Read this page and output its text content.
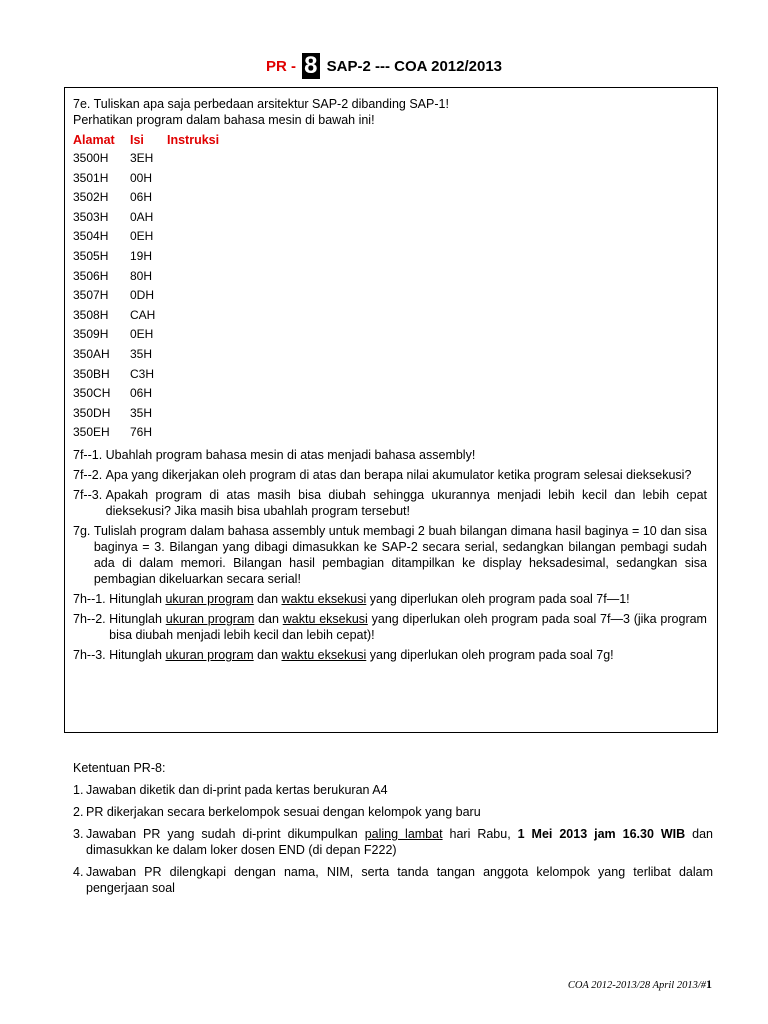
PR - 8 SAP-2 --- COA 2012/2013

7e. Tuliskan apa saja perbedaan arsitektur SAP-2 dibanding SAP-1!

Perhatikan program dalam bahasa mesin di bawah ini!

Alamat	Isi	Instruksi
3500H	3EH
3501H	00H
3502H	06H
3503H	0AH
3504H	0EH
3505H	19H
3506H	80H
3507H	0DH
3508H	CAH
3509H	0EH
350AH	35H
350BH	C3H
350CH	06H
350DH	35H
350EH	76H
7f--1. Ubahlah program bahasa mesin di atas menjadi bahasa assembly!
7f--2. Apa yang dikerjakan oleh program di atas dan berapa nilai akumulator ketika program selesai dieksekusi?
7f--3. Apakah program di atas masih bisa diubah sehingga ukurannya menjadi lebih kecil dan lebih cepat dieksekusi? Jika masih bisa ubahlah program tersebut!
7g. Tulislah program dalam bahasa assembly untuk membagi 2 buah bilangan dimana hasil baginya = 10 dan sisa baginya = 3. Bilangan yang dibagi dimasukkan ke SAP-2 secara serial, sedangkan bilangan pembagi sudah ada di dalam memori. Bilangan hasil pembagian ditampilkan ke display heksadesimal, sedangkan sisa pembagian dikeluarkan secara serial!
7h--1. Hitunglah ukuran program dan waktu eksekusi yang diperlukan oleh program pada soal 7f—1!
7h--2. Hitunglah ukuran program dan waktu eksekusi yang diperlukan oleh program pada soal 7f—3 (jika program bisa diubah menjadi lebih kecil dan lebih cepat)!
7h--3. Hitunglah ukuran program dan waktu eksekusi yang diperlukan oleh program pada soal 7g!
Ketentuan PR-8:
1. Jawaban diketik dan di-print pada kertas berukuran A4
2. PR dikerjakan secara berkelompok sesuai dengan kelompok yang baru
3. Jawaban PR yang sudah di-print dikumpulkan paling lambat hari Rabu, 1 Mei 2013 jam 16.30 WIB dan dimasukkan ke dalam loker dosen END (di depan F222)
4. Jawaban PR dilengkapi dengan nama, NIM, serta tanda tangan anggota kelompok yang terlibat dalam pengerjaan soal
COA 2012-2013/28 April 2013/#1
